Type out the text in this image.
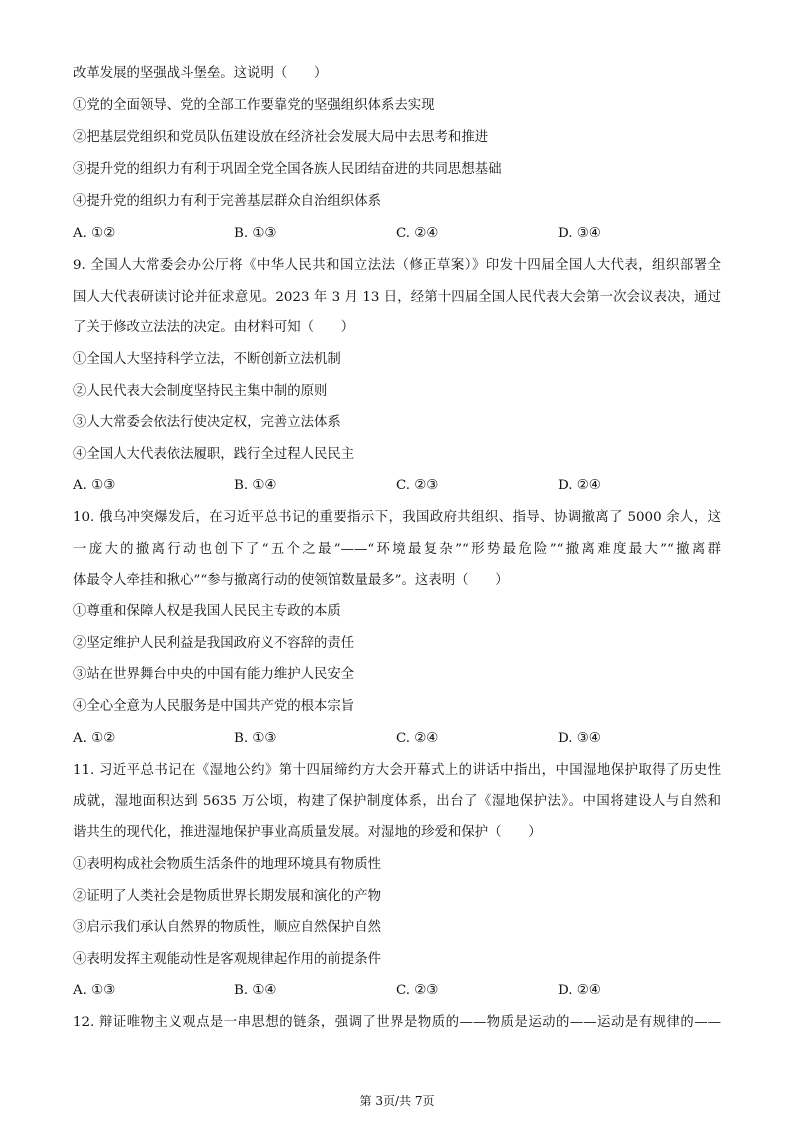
改革发展的坚强战斗堡垒。这说明（　　）
①党的全面领导、党的全部工作要靠党的坚强组织体系去实现
②把基层党组织和党员队伍建设放在经济社会发展大局中去思考和推进
③提升党的组织力有利于巩固全党全国各族人民团结奋进的共同思想基础
④提升党的组织力有利于完善基层群众自治组织体系
A. ①②	B. ①③	C. ②④	D. ③④
9. 全国人大常委会办公厅将《中华人民共和国立法法（修正草案）》印发十四届全国人大代表，组织部署全
国人大代表研读讨论并征求意见。2023 年 3 月 13 日，经第十四届全国人民代表大会第一次会议表决，通过
了关于修改立法法的决定。由材料可知（　　）
①全国人大坚持科学立法，不断创新立法机制
②人民代表大会制度坚持民主集中制的原则
③人大常委会依法行使决定权，完善立法体系
④全国人大代表依法履职，践行全过程人民民主
A. ①③	B. ①④	C. ②③	D. ②④
10. 俄乌冲突爆发后，在习近平总书记的重要指示下，我国政府共组织、指导、协调撤离了 5000 余人，这
一庞大的撤离行动也创下了“五个之最”——“环境最复杂”“形势最危险”“撤离难度最大”“撤离群
体最令人牵挂和揪心”“参与撤离行动的使领馆数量最多”。这表明（　　）
①尊重和保障人权是我国人民民主专政的本质
②坚定维护人民利益是我国政府义不容辞的责任
③站在世界舞台中央的中国有能力维护人民安全
④全心全意为人民服务是中国共产党的根本宗旨
A. ①②	B. ①③	C. ②④	D. ③④
11. 习近平总书记在《湿地公约》第十四届缔约方大会开幕式上的讲话中指出，中国湿地保护取得了历史性
成就，湿地面积达到 5635 万公顷，构建了保护制度体系，出台了《湿地保护法》。中国将建设人与自然和
谐共生的现代化，推进湿地保护事业高质量发展。对湿地的珍爱和保护（　　）
①表明构成社会物质生活条件的地理环境具有物质性
②证明了人类社会是物质世界长期发展和演化的产物
③启示我们承认自然界的物质性，顺应自然保护自然
④表明发挥主观能动性是客观规律起作用的前提条件
A. ①③	B. ①④	C. ②③	D. ②④
12. 辩证唯物主义观点是一串思想的链条，强调了世界是物质的——物质是运动的——运动是有规律的——
第 3页/共 7页
